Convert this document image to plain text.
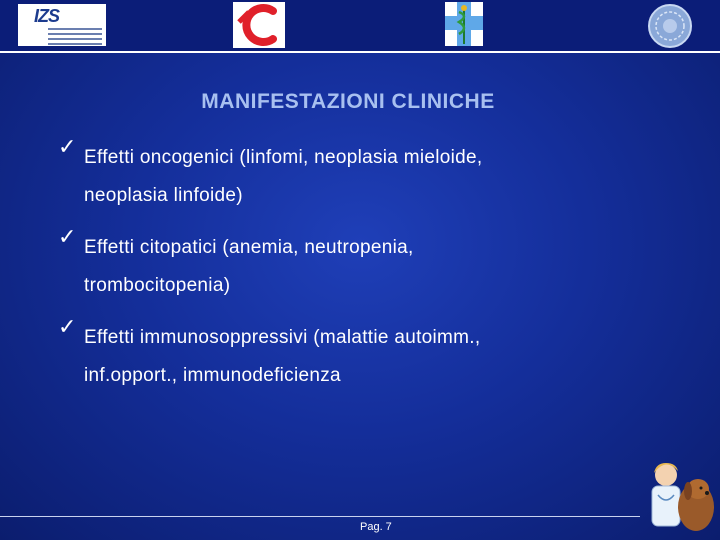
IZS
MANIFESTAZIONI CLINICHE
✓ Effetti oncogenici (linfomi, neoplasia mieloide,
neoplasia linfoide)
✓ Effetti citopatici (anemia, neutropenia,
trombocitopenia)
✓ Effetti immunosoppressivi (malattie autoimm.,
inf.opport., immunodeficienza
Pag. 7
